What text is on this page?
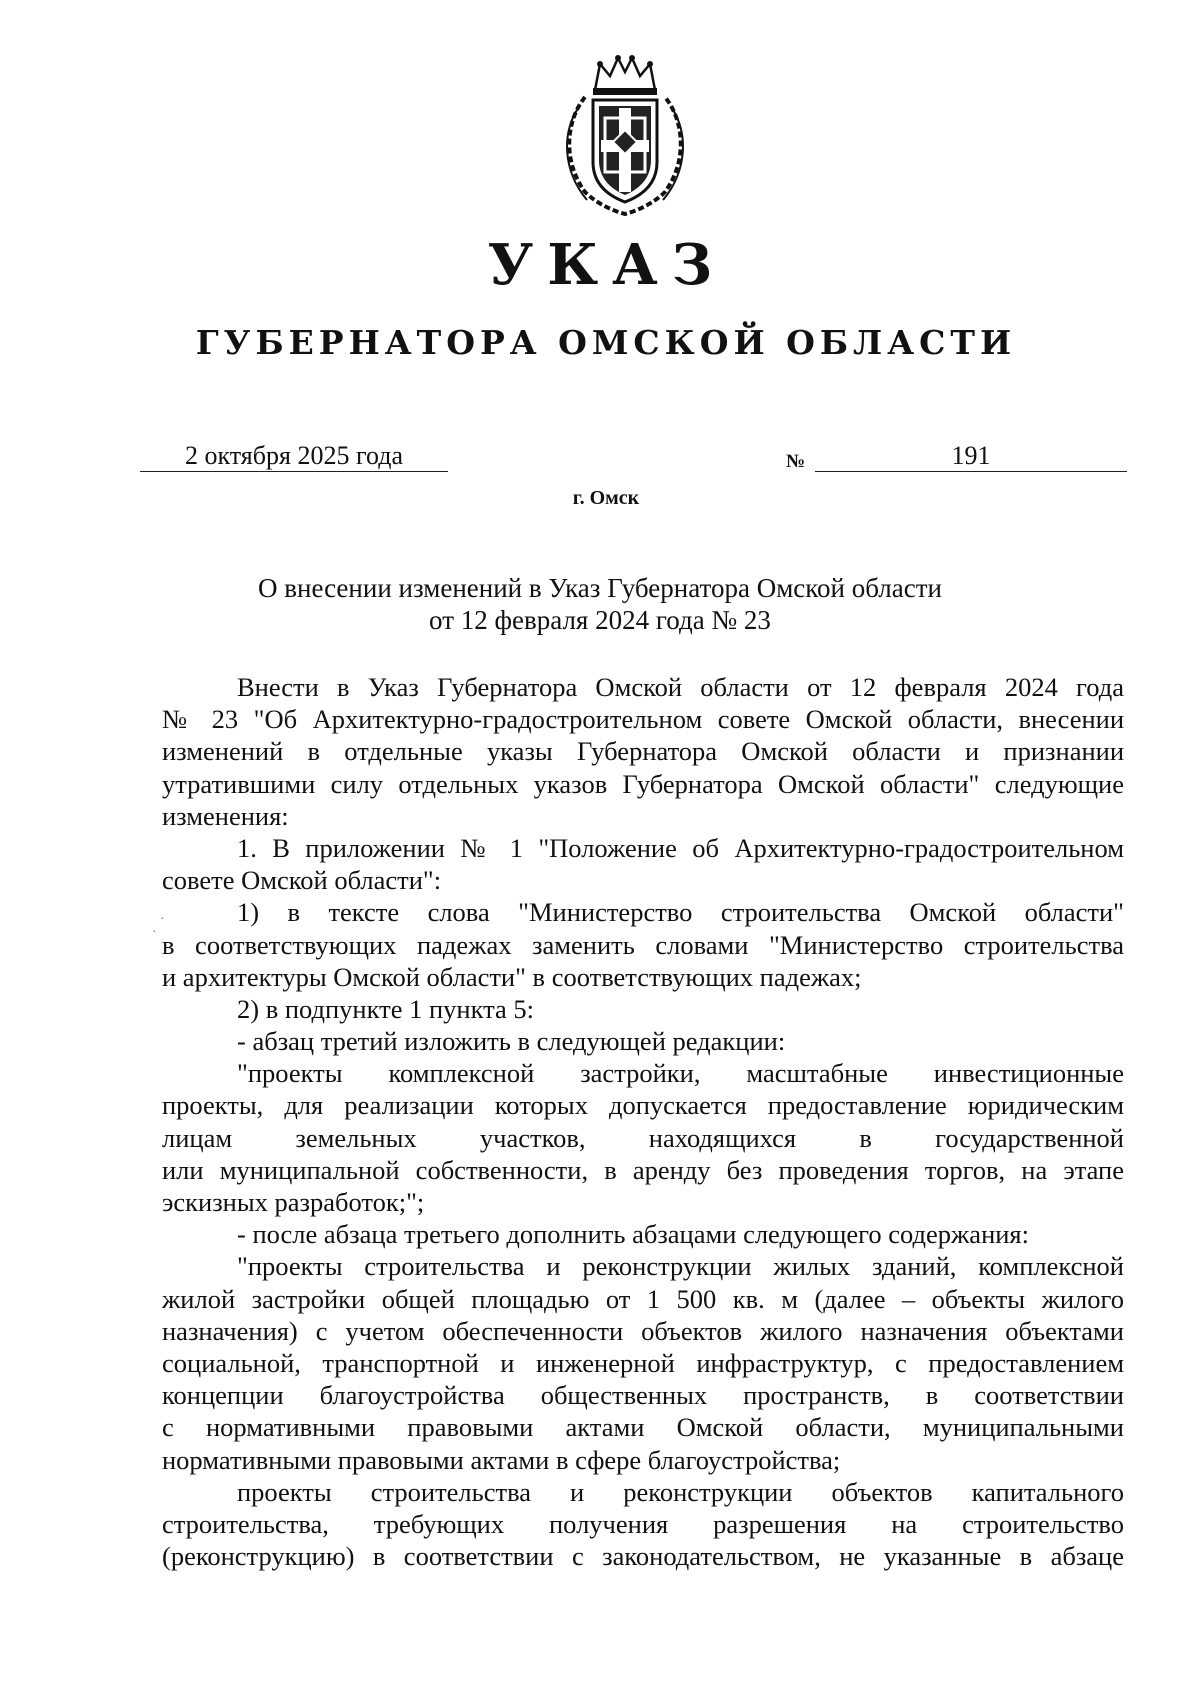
УКАЗ
ГУБЕРНАТОРА ОМСКОЙ ОБЛАСТИ
2 октября 2025 года	№	191
г. Омск
О внесении изменений в Указ Губернатора Омской области
от 12 февраля 2024 года № 23
Внести в Указ Губернатора Омской области от 12 февраля 2024 года
№ 23 "Об Архитектурно-градостроительном совете Омской области, внесении
изменений в отдельные указы Губернатора Омской области и признании
утратившими силу отдельных указов Губернатора Омской области" следующие
изменения:
1. В приложении № 1 "Положение об Архитектурно-градостроительном
совете Омской области":
1) в тексте слова "Министерство строительства Омской области"
в соответствующих падежах заменить словами "Министерство строительства
и архитектуры Омской области" в соответствующих падежах;
2) в подпункте 1 пункта 5:
- абзац третий изложить в следующей редакции:
"проекты комплексной застройки, масштабные инвестиционные
проекты, для реализации которых допускается предоставление юридическим
лицам земельных участков, находящихся в государственной
или муниципальной собственности, в аренду без проведения торгов, на этапе
эскизных разработок;";
- после абзаца третьего дополнить абзацами следующего содержания:
"проекты строительства и реконструкции жилых зданий, комплексной
жилой застройки общей площадью от 1 500 кв. м (далее – объекты жилого
назначения) с учетом обеспеченности объектов жилого назначения объектами
социальной, транспортной и инженерной инфраструктур, с предоставлением
концепции благоустройства общественных пространств, в соответствии
с нормативными правовыми актами Омской области, муниципальными
нормативными правовыми актами в сфере благоустройства;
проекты строительства и реконструкции объектов капитального
строительства, требующих получения разрешения на строительство
(реконструкцию) в соответствии с законодательством, не указанные в абзаце
·
·
